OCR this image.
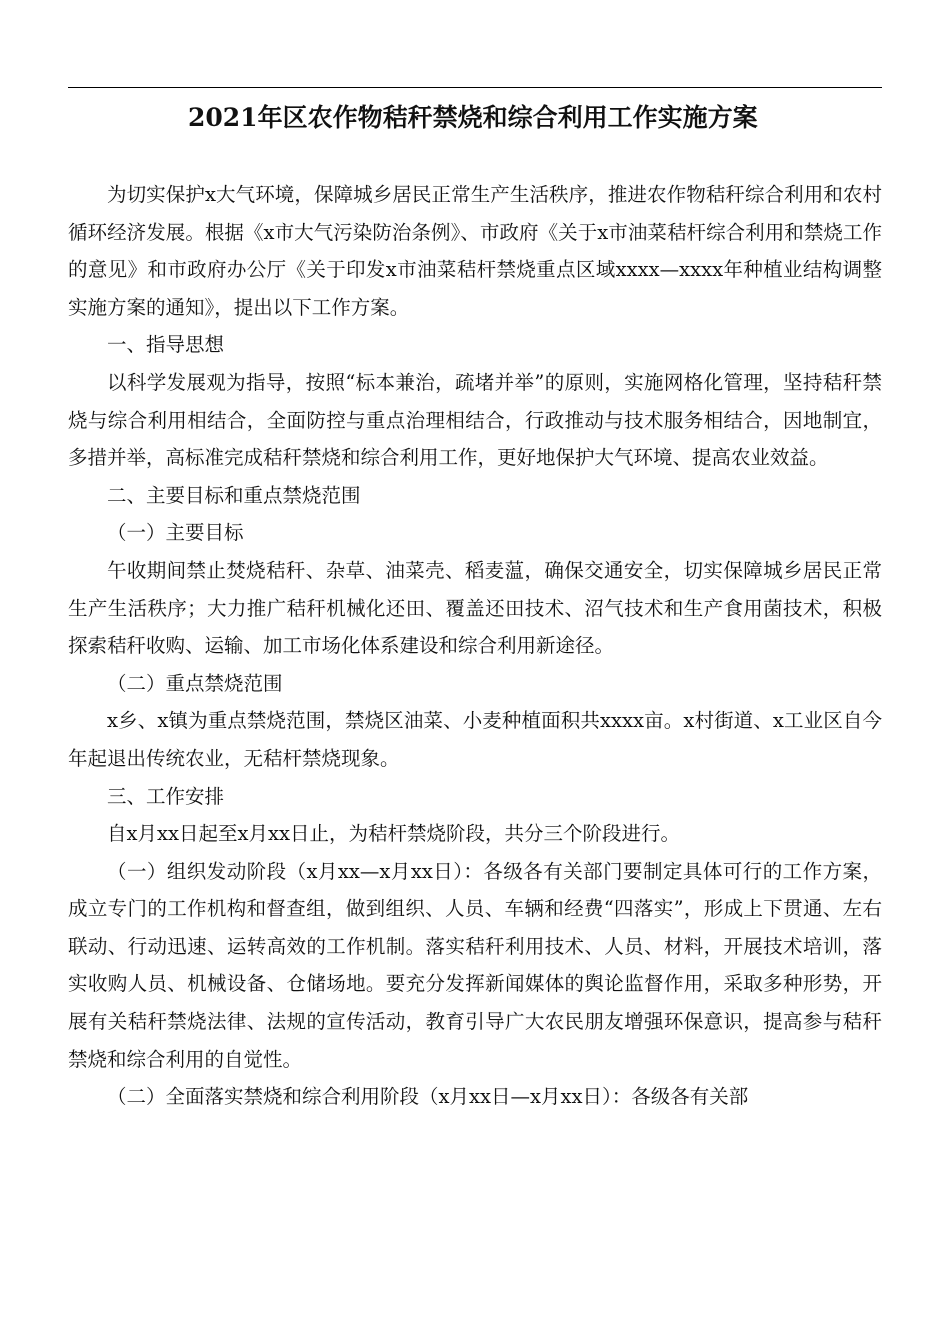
2021年区农作物秸秆禁烧和综合利用工作实施方案

为切实保护x大气环境，保障城乡居民正常生产生活秩序，推进农作物秸秆综合利用和农村循环经济发展。根据《x市大气污染防治条例》、市政府《关于x市油菜秸杆综合利用和禁烧工作的意见》和市政府办公厅《关于印发x市油菜秸杆禁烧重点区域xxxx—xxxx年种植业结构调整实施方案的通知》，提出以下工作方案。

一、指导思想

以科学发展观为指导，按照“标本兼治，疏堵并举”的原则，实施网格化管理，坚持秸秆禁烧与综合利用相结合，全面防控与重点治理相结合，行政推动与技术服务相结合，因地制宜，多措并举，高标准完成秸秆禁烧和综合利用工作，更好地保护大气环境、提高农业效益。

二、主要目标和重点禁烧范围

（一）主要目标

午收期间禁止焚烧秸秆、杂草、油菜壳、稻麦蕰，确保交通安全，切实保障城乡居民正常生产生活秩序；大力推广秸秆机械化还田、覆盖还田技术、沼气技术和生产食用菌技术，积极探索秸秆收购、运输、加工市场化体系建设和综合利用新途径。

（二）重点禁烧范围

x乡、x镇为重点禁烧范围，禁烧区油菜、小麦种植面积共xxxx亩。x村街道、x工业区自今年起退出传统农业，无秸杆禁烧现象。

三、工作安排

自x月xx日起至x月xx日止，为秸杆禁烧阶段，共分三个阶段进行。

（一）组织发动阶段（x月xx—x月xx日）：各级各有关部门要制定具体可行的工作方案，成立专门的工作机构和督查组，做到组织、人员、车辆和经费“四落实”，形成上下贯通、左右联动、行动迅速、运转高效的工作机制。落实秸秆利用技术、人员、材料，开展技术培训，落实收购人员、机械设备、仓储场地。要充分发挥新闻媒体的舆论监督作用，采取多种形势，开展有关秸秆禁烧法律、法规的宣传活动，教育引导广大农民朋友增强环保意识，提高参与秸秆禁烧和综合利用的自觉性。

（二）全面落实禁烧和综合利用阶段（x月xx日—x月xx日）：各级各有关部
